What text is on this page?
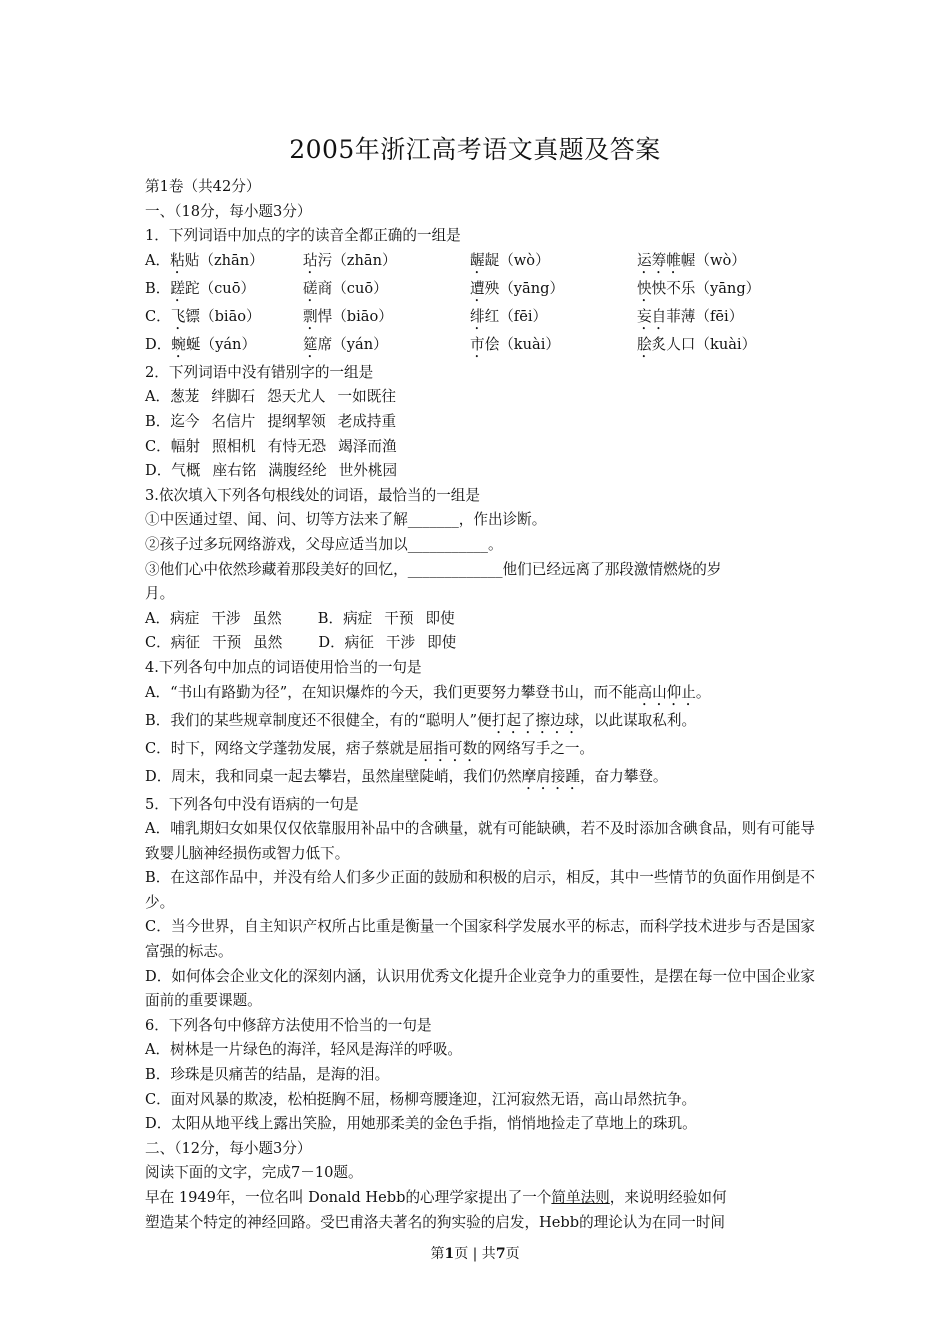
2005年浙江高考语文真题及答案

第1卷（共42分）

一、（18分，每小题3分）

1．下列词语中加点的字的读音全都正确的一组是

A．粘贴（zhān）	玷污（zhān）	龌龊（wò）	运筹帷幄（wò）
B．蹉跎（cuō）	磋商（cuō）	遭殃（yāng）	怏怏不乐（yāng）
C．飞镖（biāo）	剽悍（biāo）	绯红（fēi）	妄自菲薄（fēi）
D．蜿蜒（yán）	筵席（yán）	市侩（kuài）	脍炙人口（kuài）

2．下列词语中没有错别字的一组是

A．葱茏 绊脚石 怨天尤人 一如既往

B．迄今 名信片 提纲挈领 老成持重

C．幅射 照相机 有恃无恐 竭泽而渔

D．气概 座右铭 满腹经纶 世外桃园

3.依次填入下列各句根线处的词语，最恰当的一组是

①中医通过望、闻、问、切等方法来了解_______，作出诊断。

②孩子过多玩网络游戏，父母应适当加以___________。

③他们心中依然珍藏着那段美好的回忆，_____________他们已经远离了那段激情燃烧的岁

月。

A．病症 干涉 虽然 B．病症 干预 即使

C．病征 干预 虽然 D．病征 干涉 即使

4.下列各句中加点的词语使用恰当的一句是

A．“书山有路勤为径”，在知识爆炸的今天，我们更要努力攀登书山，而不能高山仰止。

B．我们的某些规章制度还不很健全，有的“聪明人”便打起了擦边球，以此谋取私利。

C．时下，网络文学蓬勃发展，痞子蔡就是屈指可数的网络写手之一。

D．周末，我和同桌一起去攀岩，虽然崖壁陡峭，我们仍然摩肩接踵，奋力攀登。

5．下列各句中没有语病的一句是

A．哺乳期妇女如果仅仅依靠服用补品中的含碘量，就有可能缺碘，若不及时添加含碘食品，则有可能导致婴儿脑神经损伤或智力低下。

B．在这部作品中，并没有给人们多少正面的鼓励和积极的启示，相反，其中一些情节的负面作用倒是不少。

C．当今世界，自主知识产权所占比重是衡量一个国家科学发展水平的标志，而科学技术进步与否是国家富强的标志。

D．如何体会企业文化的深刻内涵，认识用优秀文化提升企业竞争力的重要性，是摆在每一位中国企业家面前的重要课题。

6．下列各句中修辞方法使用不恰当的一句是

A．树林是一片绿色的海洋，轻风是海洋的呼吸。

B．珍珠是贝痛苦的结晶，是海的泪。

C．面对风暴的欺凌，松柏挺胸不屈，杨柳弯腰逢迎，江河寂然无语，高山昂然抗争。

D．太阳从地平线上露出笑脸，用她那柔美的金色手指，悄悄地捡走了草地上的珠玑。

二、（12分，每小题3分）

阅读下面的文字，完成7－10题。

早在 1949年，一位名叫 Donald Hebb的心理学家提出了一个简单法则，来说明经验如何

塑造某个特定的神经回路。受巴甫洛夫著名的狗实验的启发，Hebb的理论认为在同一时间

第1页 | 共7页
